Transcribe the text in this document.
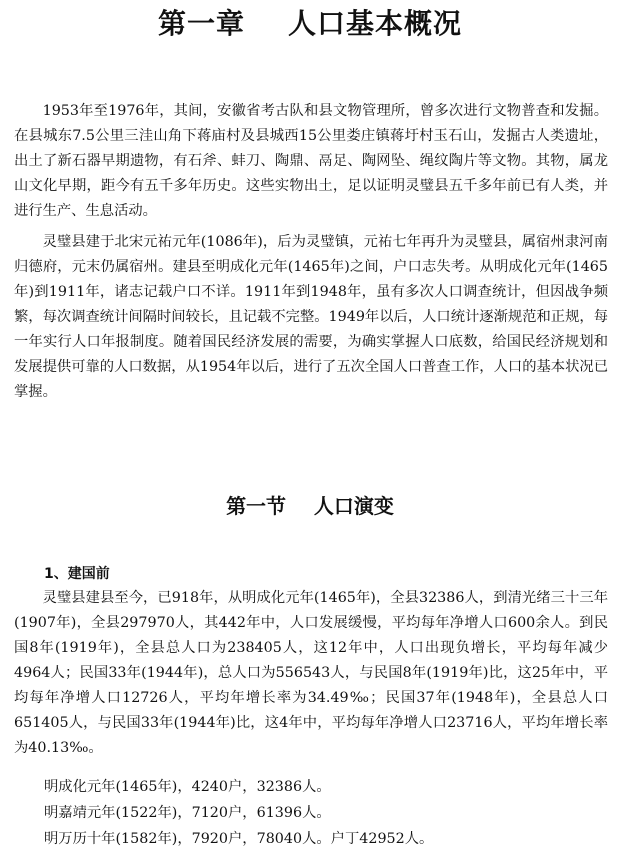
第一章    人口基本概况

1953年至1976年，其间，安徽省考古队和县文物管理所，曾多次进行文物普查和发掘。在县城东7.5公里三洼山角下蒋庙村及县城西15公里娄庄镇蒋圩村玉石山，发掘古人类遗址，出土了新石器早期遗物，有石斧、蚌刀、陶鼎、鬲足、陶网坠、绳纹陶片等文物。其物，属龙山文化早期，距今有五千多年历史。这些实物出土，足以证明灵璧县五千多年前已有人类，并进行生产、生息活动。

灵璧县建于北宋元祐元年(1086年)，后为灵璧镇，元祐七年再升为灵璧县，属宿州隶河南归德府，元末仍属宿州。建县至明成化元年(1465年)之间，户口志失考。从明成化元年(1465年)到1911年，诸志记载户口不详。1911年到1948年，虽有多次人口调查统计，但因战争频繁，每次调查统计间隔时间较长，且记载不完整。1949年以后，人口统计逐渐规范和正规，每一年实行人口年报制度。随着国民经济发展的需要，为确实掌握人口底数，给国民经济规划和发展提供可靠的人口数据，从1954年以后，进行了五次全国人口普查工作，人口的基本状况已掌握。

第一节    人口演变
1、建国前

灵璧县建县至今，已918年，从明成化元年(1465年)，全县32386人，到清光绪三十三年(1907年)，全县297970人，其442年中，人口发展缓慢，平均每年净增人口600余人。到民国8年(1919年)，全县总人口为238405人，这12年中，人口出现负增长，平均每年减少4964人；民国33年(1944年)，总人口为556543人，与民国8年(1919年)比，这25年中，平均每年净增人口12726人，平均年增长率为34.49‰；民国37年(1948年)，全县总人口651405人，与民国33年(1944年)比，这4年中，平均每年净增人口23716人，平均年增长率为40.13‰。

明成化元年(1465年)，4240户，32386人。
明嘉靖元年(1522年)，7120户，61396人。
明万历十年(1582年)，7920户，78040人。户丁42952人。
